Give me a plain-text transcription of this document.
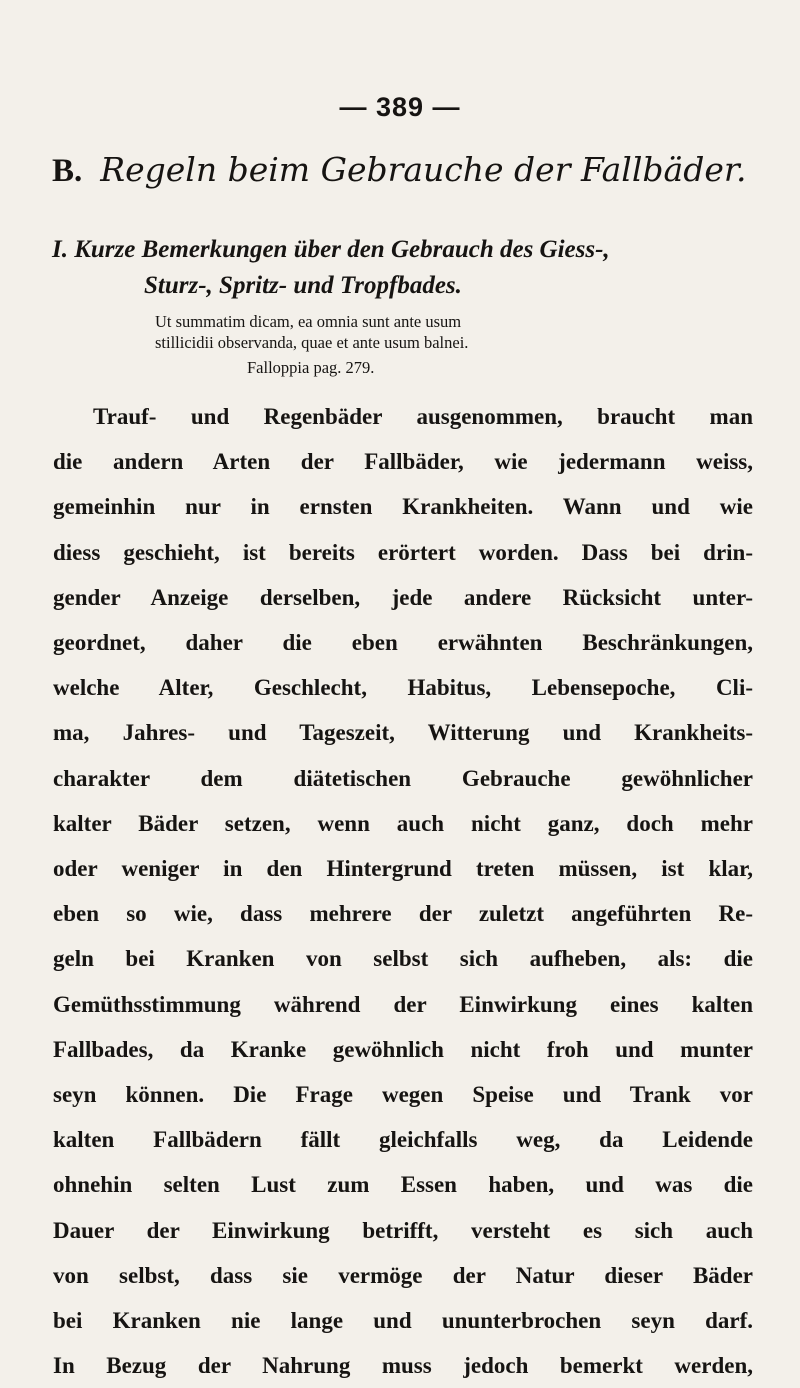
— 389 —
B. Regeln beim Gebrauche der Fallbäder.
I. Kurze Bemerkungen über den Gebrauch des Giess-,
Sturz-, Spritz- und Tropfbades.
Ut summatim dicam, ea omnia sunt ante usum
stillicidii observanda, quae et ante usum balnei.
Falloppia pag. 279.
Trauf- und Regenbäder ausgenommen, braucht man
die andern Arten der Fallbäder, wie jedermann weiss,
gemeinhin nur in ernsten Krankheiten. Wann und wie
diess geschieht, ist bereits erörtert worden. Dass bei drin-
gender Anzeige derselben, jede andere Rücksicht unter-
geordnet, daher die eben erwähnten Beschränkungen,
welche Alter, Geschlecht, Habitus, Lebensepoche, Cli-
ma, Jahres- und Tageszeit, Witterung und Krankheits-
charakter dem diätetischen Gebrauche gewöhnlicher
kalter Bäder setzen, wenn auch nicht ganz, doch mehr
oder weniger in den Hintergrund treten müssen, ist klar,
eben so wie, dass mehrere der zuletzt angeführten Re-
geln bei Kranken von selbst sich aufheben, als: die
Gemüthsstimmung während der Einwirkung eines kalten
Fallbades, da Kranke gewöhnlich nicht froh und munter
seyn können. Die Frage wegen Speise und Trank vor
kalten Fallbädern fällt gleichfalls weg, da Leidende
ohnehin selten Lust zum Essen haben, und was die
Dauer der Einwirkung betrifft, versteht es sich auch
von selbst, dass sie vermöge der Natur dieser Bäder
bei Kranken nie lange und ununterbrochen seyn darf.
In Bezug der Nahrung muss jedoch bemerkt werden,
